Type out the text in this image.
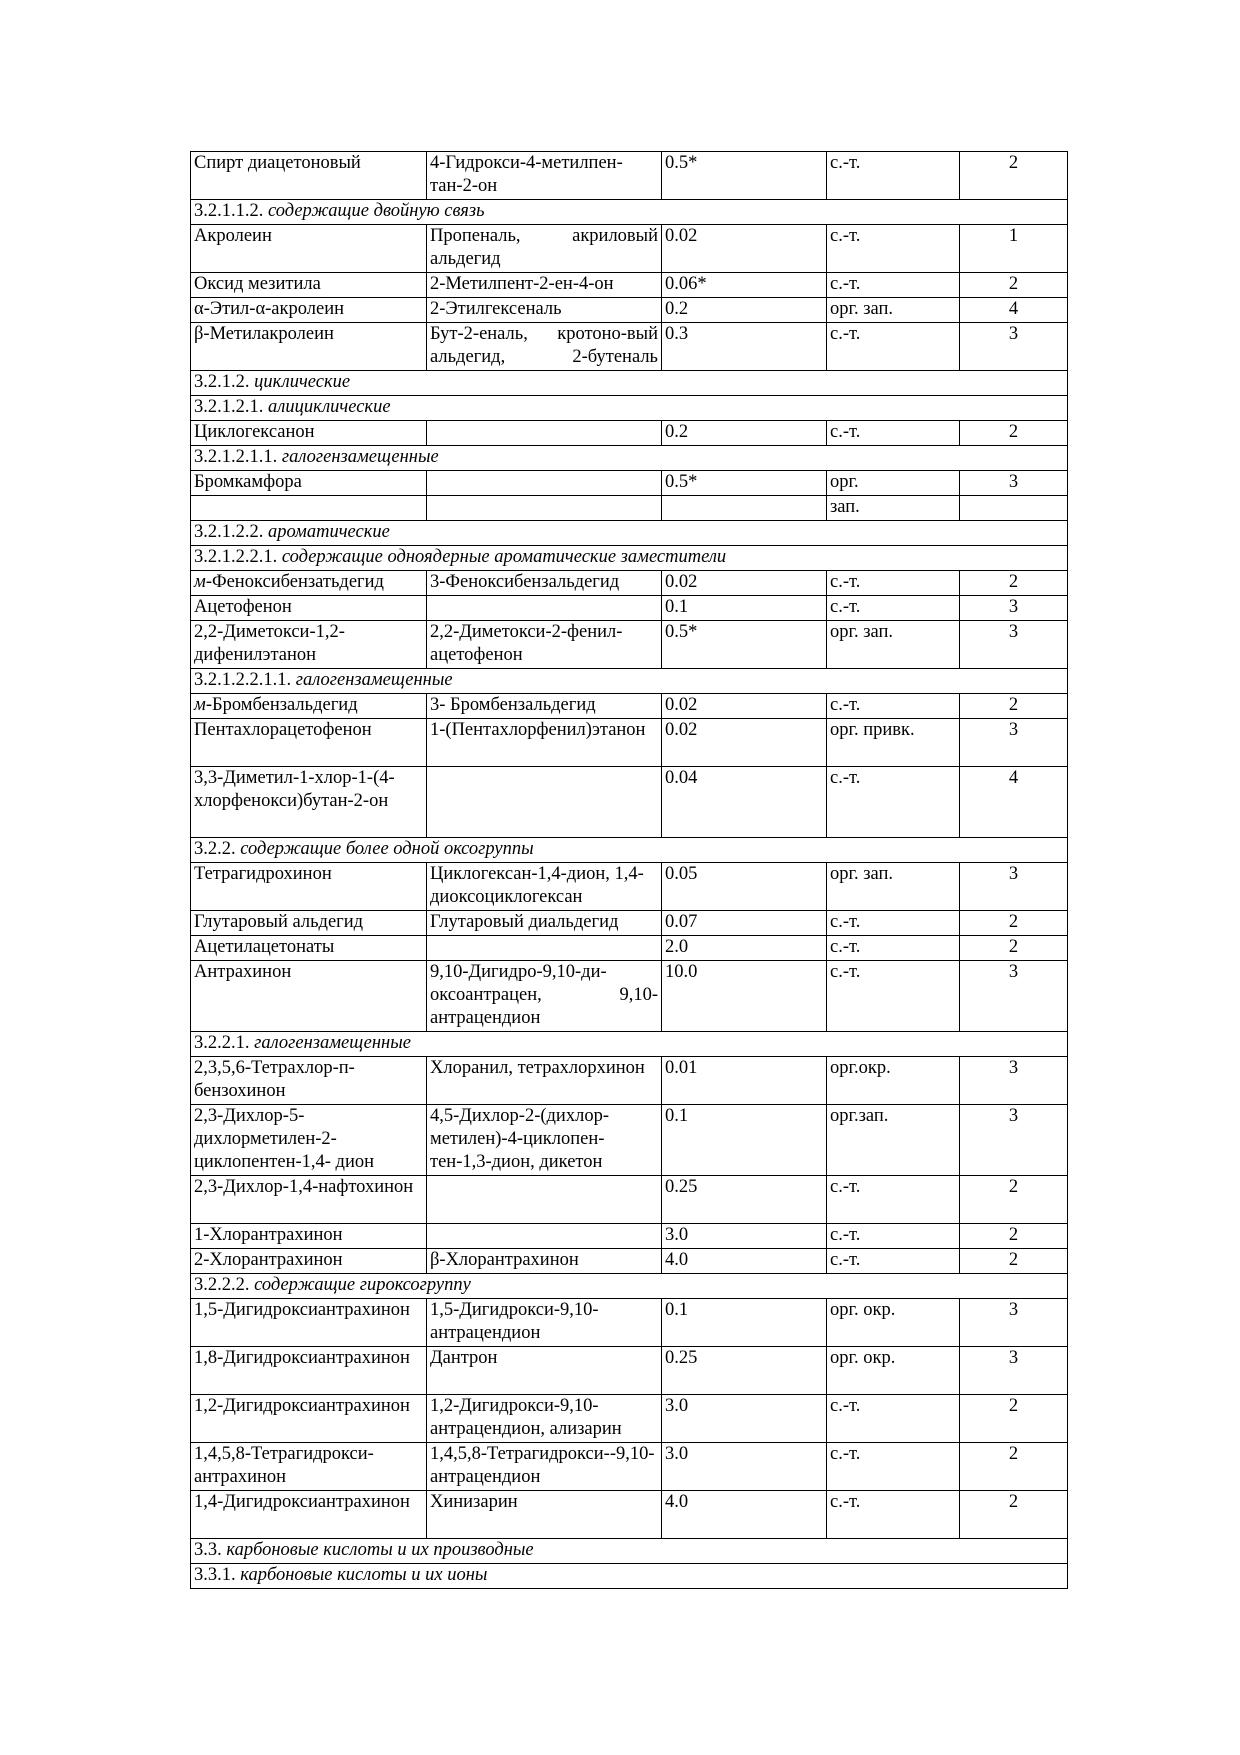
Спирт диацетоновый	4-Гидрокси-4-метилпен-тан-2-он	0.5*	с.-т.	2
3.2.1.1.2. содержащие двойную связь				
Акролеин	Пропеналь, акриловый альдегид	0.02	с.-т.	1
Оксид мезитила	2-Метилпент-2-ен-4-он	0.06*	с.-т.	2
α-Этил-α-акролеин	2-Этилгексеналь	0.2	орг. зап.	4
β-Метилакролеин	Бут-2-еналь, кротоно-вый альдегид, 2-бутеналь	0.3	с.-т.	3
3.2.1.2. циклические				
3.2.1.2.1. алициклические				
Циклогексанон		0.2	с.-т.	2
3.2.1.2.1.1. галогензамещенные				
Бромкамфора		0.5*	орг.	3
			зап.	
3.2.1.2.2. ароматические				
3.2.1.2.2.1. содержащие одноядерные ароматические заместители				
м-Феноксибензатьдегид	3-Феноксибензальдегид	0.02	с.-т.	2
Ацетофенон		0.1	с.-т.	3
2,2-Диметокси-1,2-дифенилэтанон	2,2-Диметокси-2-фенил-ацетофенон	0.5*	орг. зап.	3
3.2.1.2.2.1.1. галогензамещенные				
м-Бромбензальдегид	3- Бромбензальдегид	0.02	с.-т.	2
Пентахлорацетофенон	1-(Пентахлорфенил)этанон	0.02	орг. привк.	3
3,3-Диметил-1-хлор-1-(4-хлорфенокси)бутан-2-он		0.04	с.-т.	4
3.2.2. содержащие более одной оксогруппы				
Тетрагидрохинон	Циклогексан-1,4-дион, 1,4-диоксоциклогексан	0.05	орг. зап.	3
Глутаровый альдегид	Глутаровый диальдегид	0.07	с.-т.	2
Ацетилацетонаты		2.0	с.-т.	2
Антрахинон	9,10-Дигидро-9,10-ди-оксоантрацен, 9,10-антрацендион	10.0	с.-т.	3
3.2.2.1. галогензамещенные				
2,3,5,6-Тетрахлор-п-бензохинон	Хлоранил, тетрахлорхинон	0.01	орг.окр.	3
2,3-Дихлор-5-дихлорметилен-2-циклопентен-1,4- дион	4,5-Дихлор-2-(дихлор-метилен)-4-циклопен-тен-1,3-дион, дикетон	0.1	орг.зап.	3
2,3-Дихлор-1,4-нафтохинон		0.25	с.-т.	2
1-Хлорантрахинон		3.0	с.-т.	2
2-Хлорантрахинон	β-Хлорантрахинон	4.0	с.-т.	2
3.2.2.2. содержащие гироксогруппу				
1,5-Дигидроксиантрахинон	1,5-Дигидрокси-9,10-антрацендион	0.1	орг. окр.	3
1,8-Дигидроксиантрахинон	Дантрон	0.25	орг. окр.	3
1,2-Дигидроксиантрахинон	1,2-Дигидрокси-9,10-антрацендион, ализарин	3.0	с.-т.	2
1,4,5,8-Тетрагидрокси-антрахинон	1,4,5,8-Тетрагидрокси--9,10-антрацендион	3.0	с.-т.	2
1,4-Дигидроксиантрахинон	Хинизарин	4.0	с.-т.	2
3.3. карбоновые кислоты и их производные				
3.3.1. карбоновые кислоты и их ионы				
